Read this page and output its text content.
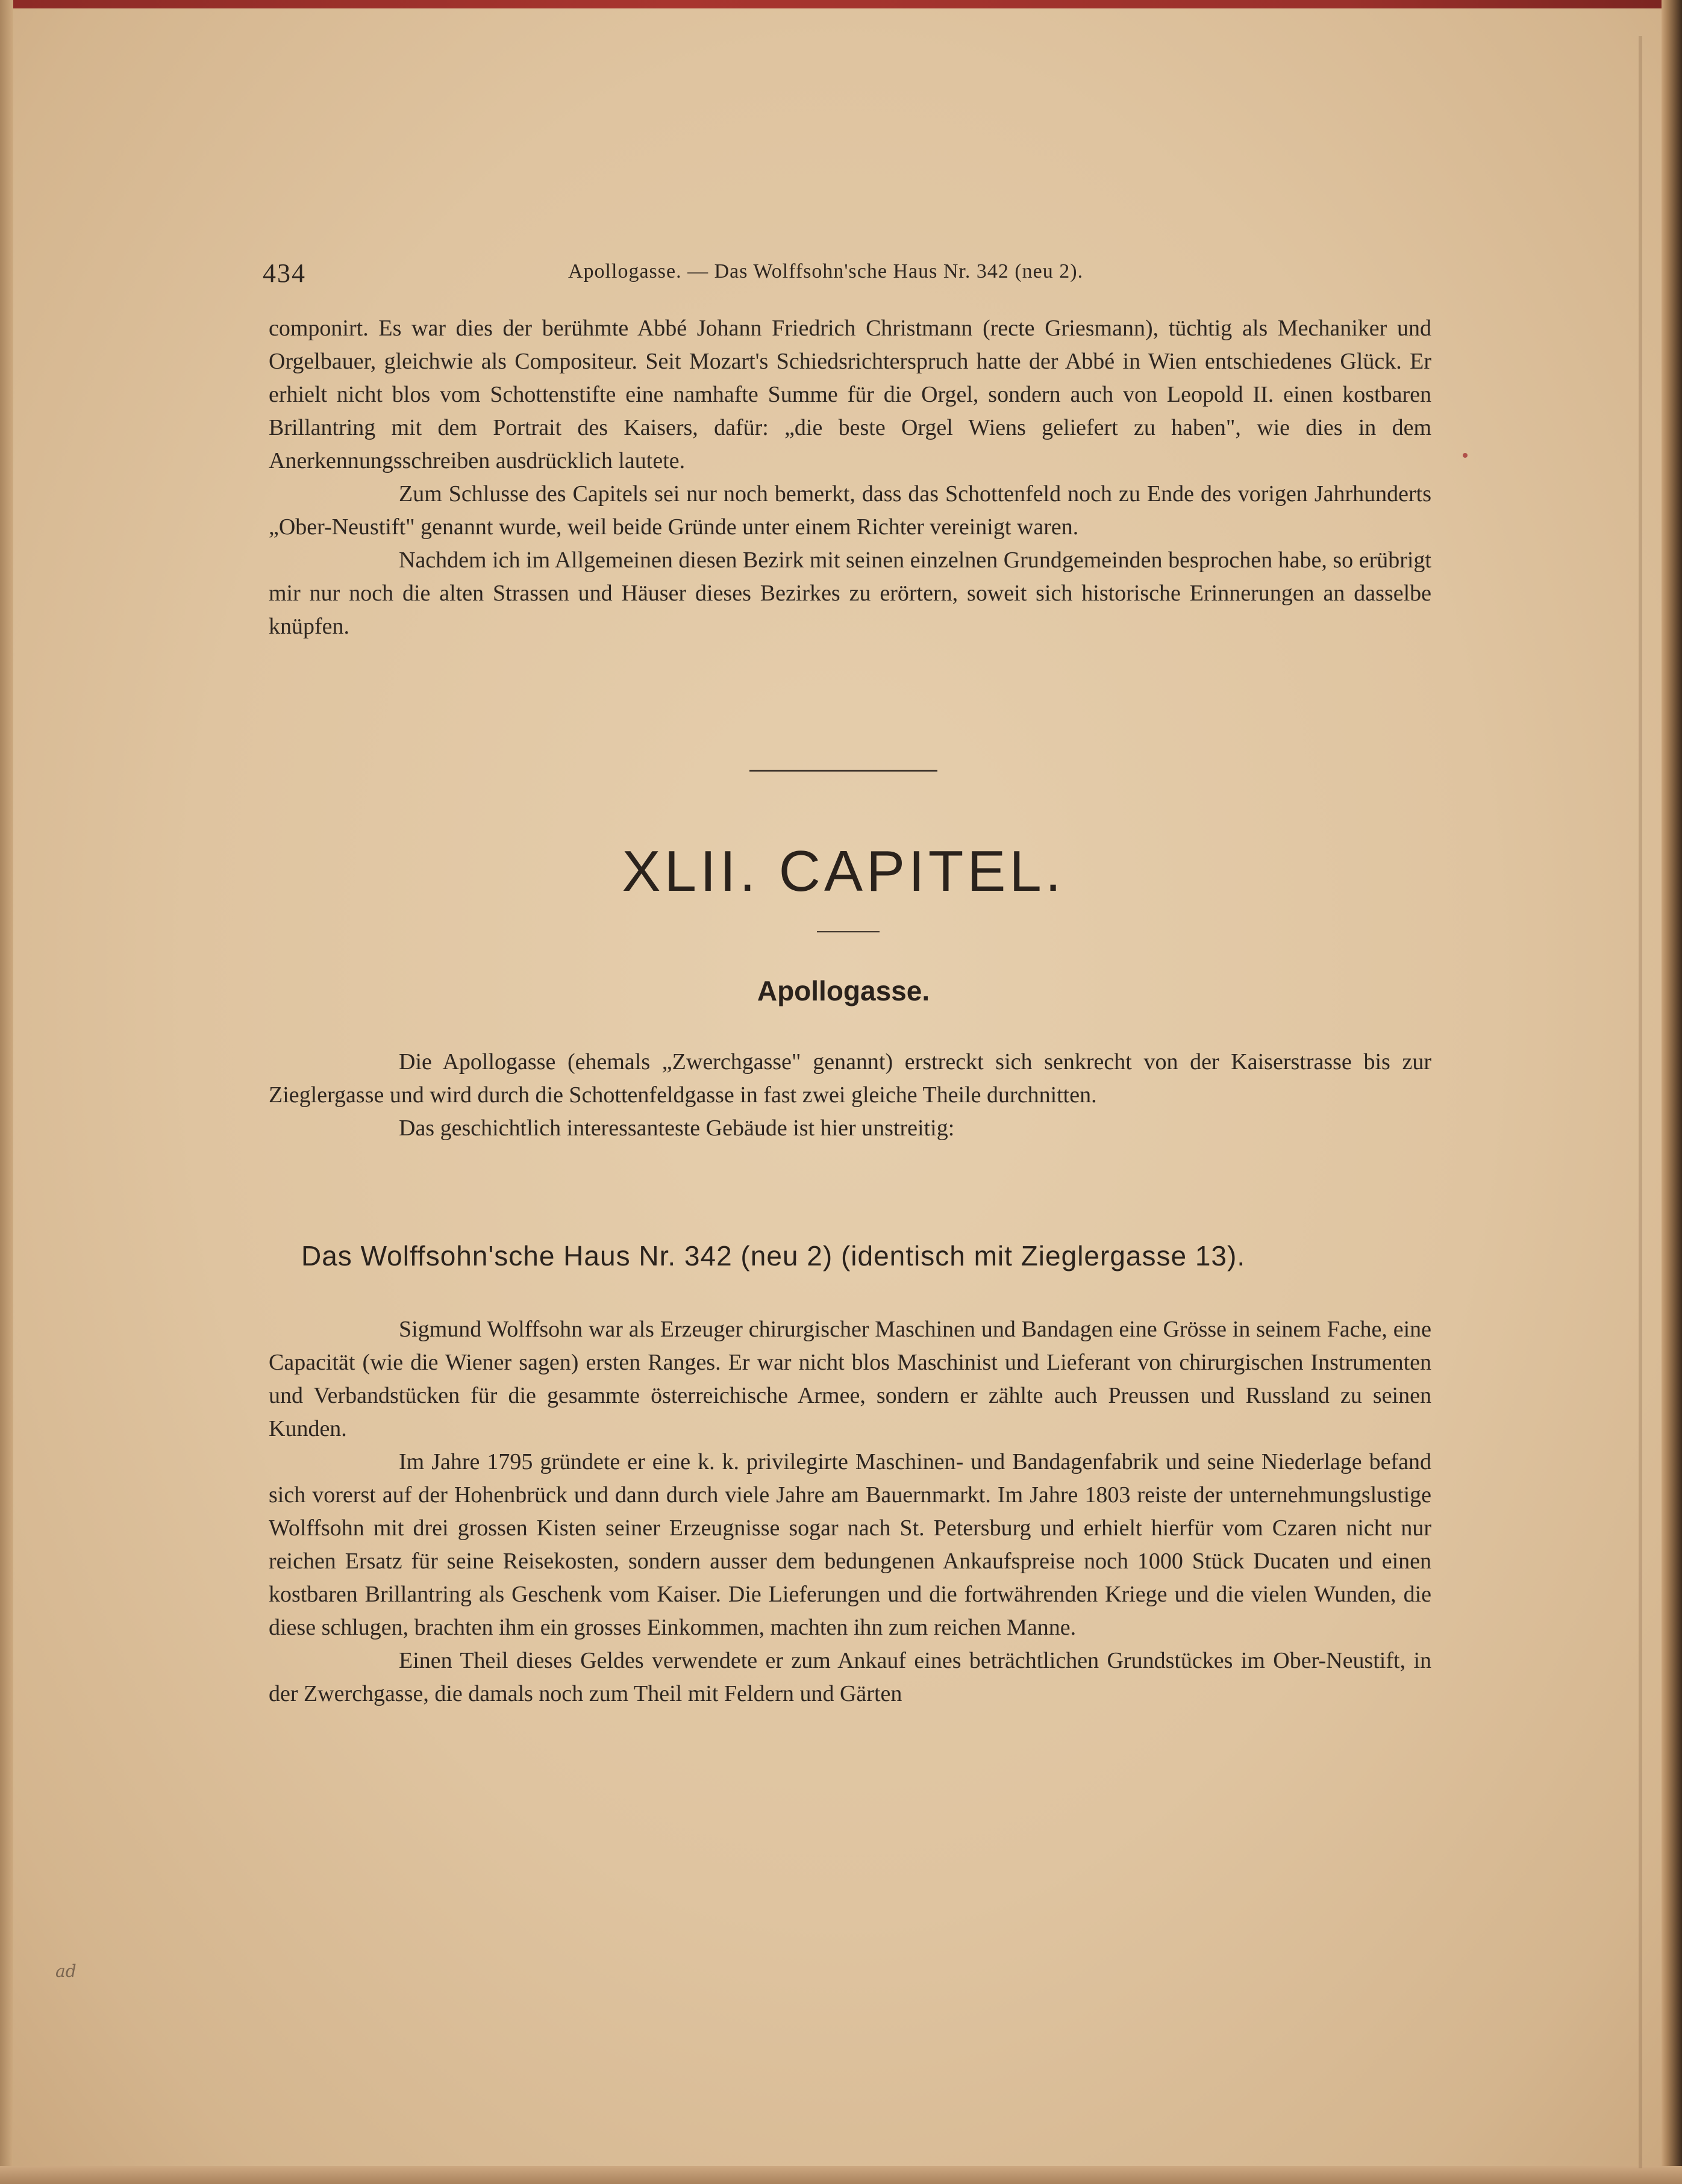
434	Apollogasse. — Das Wolffsohn'sche Haus Nr. 342 (neu 2).

componirt. Es war dies der berühmte Abbé Johann Friedrich Christmann (recte Griesmann), tüchtig als Mechaniker und Orgelbauer, gleichwie als Compositeur. Seit Mozart's Schiedsrichterspruch hatte der Abbé in Wien entschiedenes Glück. Er erhielt nicht blos vom Schottenstifte eine namhafte Summe für die Orgel, sondern auch von Leopold II. einen kostbaren Brillantring mit dem Portrait des Kaisers, dafür: „die beste Orgel Wiens geliefert zu haben", wie dies in dem Anerkennungsschreiben ausdrücklich lautete.

Zum Schlusse des Capitels sei nur noch bemerkt, dass das Schottenfeld noch zu Ende des vorigen Jahrhunderts „Ober-Neustift" genannt wurde, weil beide Gründe unter einem Richter vereinigt waren.

Nachdem ich im Allgemeinen diesen Bezirk mit seinen einzelnen Grundgemeinden besprochen habe, so erübrigt mir nur noch die alten Strassen und Häuser dieses Bezirkes zu erörtern, soweit sich historische Erinnerungen an dasselbe knüpfen.

XLII. CAPITEL.
Apollogasse.

Die Apollogasse (ehemals „Zwerchgasse" genannt) erstreckt sich senkrecht von der Kaiserstrasse bis zur Zieglergasse und wird durch die Schottenfeldgasse in fast zwei gleiche Theile durchnitten.

Das geschichtlich interessanteste Gebäude ist hier unstreitig:

Das Wolffsohn'sche Haus Nr. 342 (neu 2) (identisch mit Zieglergasse 13).

Sigmund Wolffsohn war als Erzeuger chirurgischer Maschinen und Bandagen eine Grösse in seinem Fache, eine Capacität (wie die Wiener sagen) ersten Ranges. Er war nicht blos Maschinist und Lieferant von chirurgischen Instrumenten und Verbandstücken für die gesammte österreichische Armee, sondern er zählte auch Preussen und Russland zu seinen Kunden.

Im Jahre 1795 gründete er eine k. k. privilegirte Maschinen- und Bandagenfabrik und seine Niederlage befand sich vorerst auf der Hohenbrück und dann durch viele Jahre am Bauernmarkt. Im Jahre 1803 reiste der unternehmungslustige Wolffsohn mit drei grossen Kisten seiner Erzeugnisse sogar nach St. Petersburg und erhielt hierfür vom Czaren nicht nur reichen Ersatz für seine Reisekosten, sondern ausser dem bedungenen Ankaufspreise noch 1000 Stück Ducaten und einen kostbaren Brillantring als Geschenk vom Kaiser. Die Lieferungen und die fortwährenden Kriege und die vielen Wunden, die diese schlugen, brachten ihm ein grosses Einkommen, machten ihn zum reichen Manne.

Einen Theil dieses Geldes verwendete er zum Ankauf eines beträchtlichen Grundstückes im Ober-Neustift, in der Zwerchgasse, die damals noch zum Theil mit Feldern und Gärten

ad
